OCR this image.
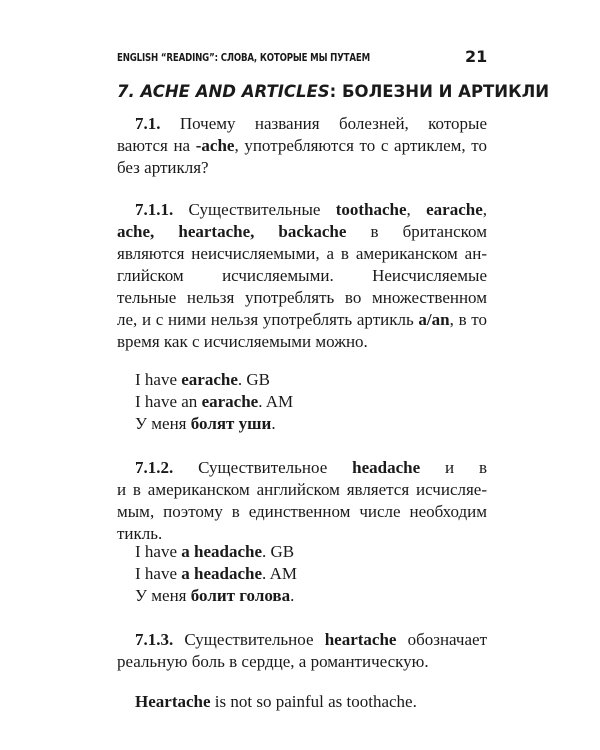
ENGLISH “READING”: СЛОВА, КОТОРЫЕ МЫ ПУТАЕМ	21
7. ACHE AND ARTICLES: БОЛЕЗНИ И АРТИКЛИ
7.1. Почему названия болезней, которые
ваются на -ache, употребляются то с артиклем, то
без артикля?
7.1.1. Существительные toothache, earache,
ache, heartache, backache в британском
являются неисчисляемыми, а в американском ан-
глийском исчисляемыми. Неисчисляемые
тельные нельзя употреблять во множественном
ле, и с ними нельзя употреблять артикль a/an, в то
время как с исчисляемыми можно.
I have earache. GB
I have an earache. AM
У меня болят уши.
7.1.2. Существительное headache и в
и в американском английском является исчисляе-
мым, поэтому в единственном числе необходим
тикль.
I have a headache. GB
I have a headache. AM
У меня болит голова.
7.1.3. Существительное heartache обозначает
реальную боль в сердце, а романтическую.
Heartache is not so painful as toothache.
